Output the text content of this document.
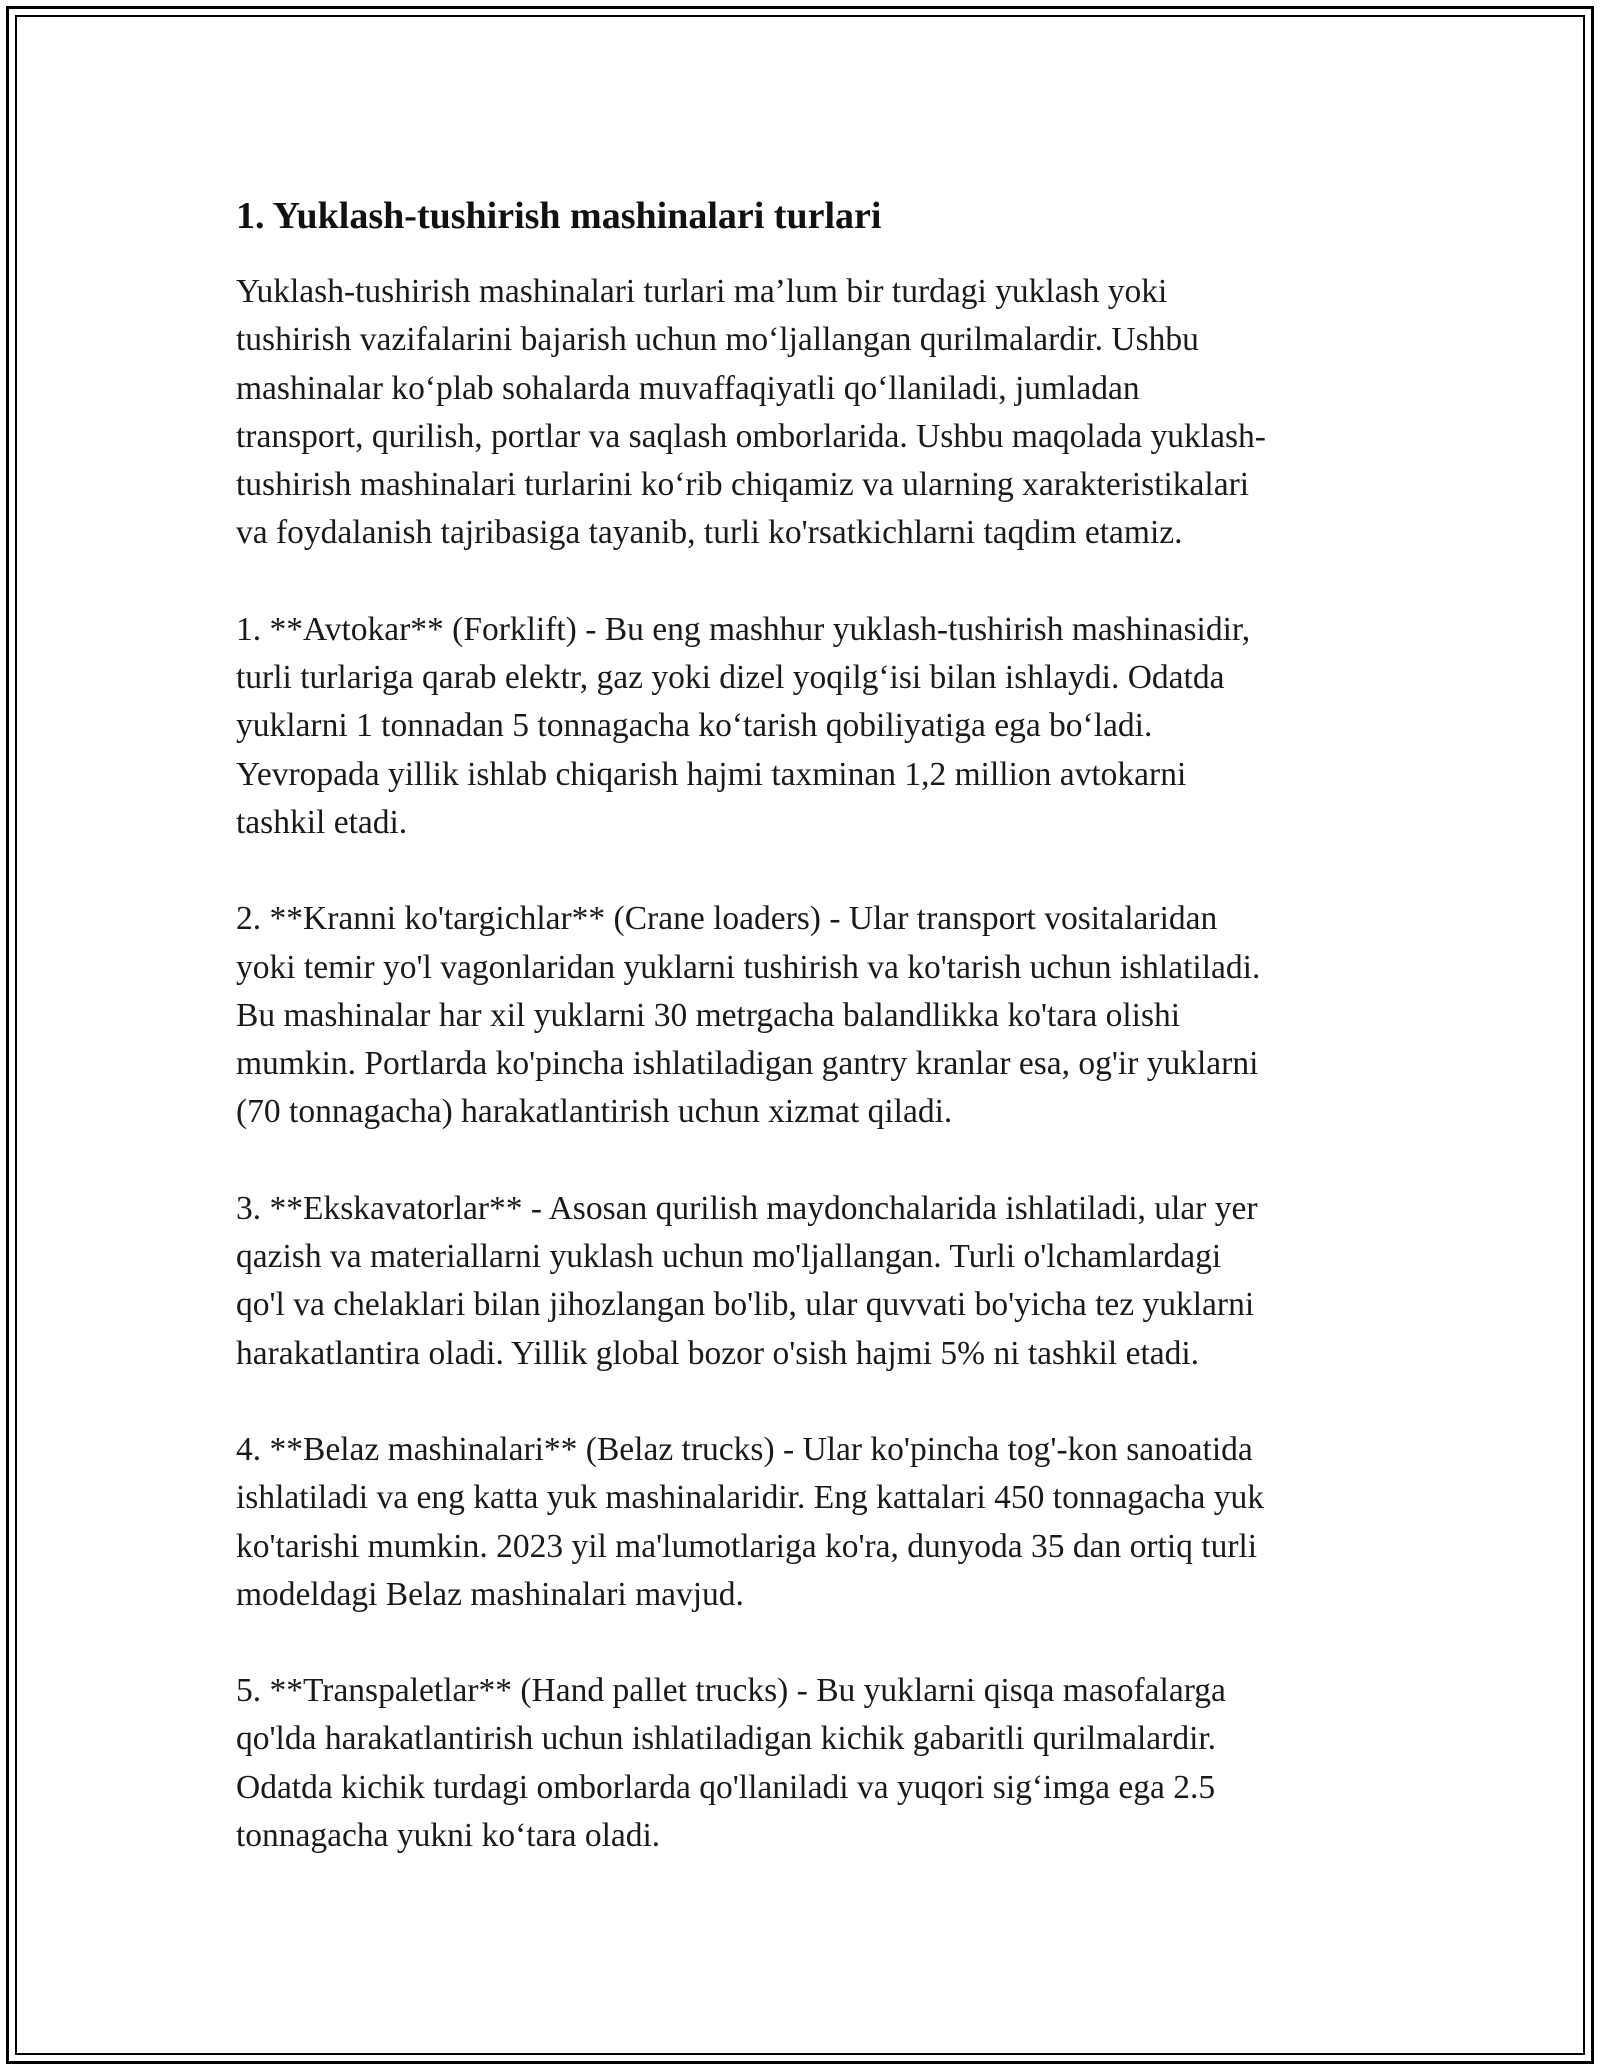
1. Yuklash-tushirish mashinalari turlari

Yuklash-tushirish mashinalari turlari ma’lum bir turdagi yuklash yoki
tushirish vazifalarini bajarish uchun mo‘ljallangan qurilmalardir. Ushbu
mashinalar ko‘plab sohalarda muvaffaqiyatli qo‘llaniladi, jumladan
transport, qurilish, portlar va saqlash omborlarida. Ushbu maqolada yuklash-
tushirish mashinalari turlarini ko‘rib chiqamiz va ularning xarakteristikalari
va foydalanish tajribasiga tayanib, turli ko'rsatkichlarni taqdim etamiz.

1. **Avtokar** (Forklift) - Bu eng mashhur yuklash-tushirish mashinasidir,
turli turlariga qarab elektr, gaz yoki dizel yoqilg‘isi bilan ishlaydi. Odatda
yuklarni 1 tonnadan 5 tonnagacha ko‘tarish qobiliyatiga ega bo‘ladi.
Yevropada yillik ishlab chiqarish hajmi taxminan 1,2 million avtokarni
tashkil etadi.

2. **Kranni ko'targichlar** (Crane loaders) - Ular transport vositalaridan
yoki temir yo'l vagonlaridan yuklarni tushirish va ko'tarish uchun ishlatiladi.
Bu mashinalar har xil yuklarni 30 metrgacha balandlikka ko'tara olishi
mumkin. Portlarda ko'pincha ishlatiladigan gantry kranlar esa, og'ir yuklarni
(70 tonnagacha) harakatlantirish uchun xizmat qiladi.

3. **Ekskavatorlar** - Asosan qurilish maydonchalarida ishlatiladi, ular yer
qazish va materiallarni yuklash uchun mo'ljallangan. Turli o'lchamlardagi
qo'l va chelaklari bilan jihozlangan bo'lib, ular quvvati bo'yicha tez yuklarni
harakatlantira oladi. Yillik global bozor o'sish hajmi 5% ni tashkil etadi.

4. **Belaz mashinalari** (Belaz trucks) - Ular ko'pincha tog'-kon sanoatida
ishlatiladi va eng katta yuk mashinalaridir. Eng kattalari 450 tonnagacha yuk
ko'tarishi mumkin. 2023 yil ma'lumotlariga ko'ra, dunyoda 35 dan ortiq turli
modeldagi Belaz mashinalari mavjud.

5. **Transpaletlar** (Hand pallet trucks) - Bu yuklarni qisqa masofalarga
qo'lda harakatlantirish uchun ishlatiladigan kichik gabaritli qurilmalardir.
Odatda kichik turdagi omborlarda qo'llaniladi va yuqori sig‘imga ega 2.5
tonnagacha yukni ko‘tara oladi.
